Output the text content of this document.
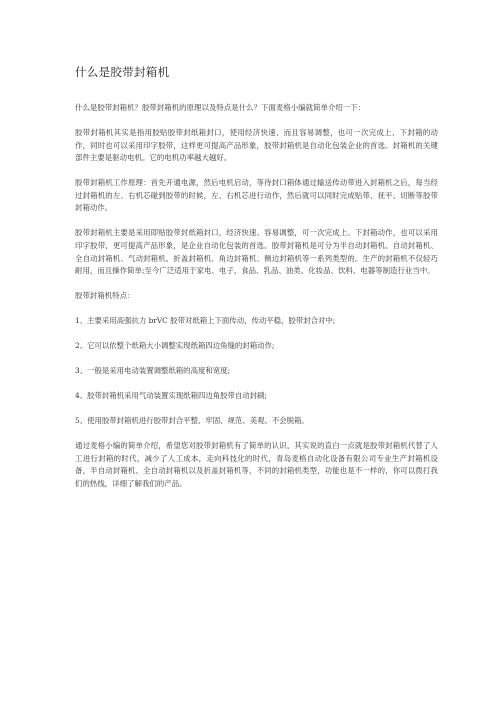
什么是胶带封箱机

什么是胶带封箱机？胶带封箱机的原理以及特点是什么？下面麦格小编就简单介绍一下：

胶带封箱机其实是指用胶贴胶带封纸箱封口，使用经济快速、而且容易调整，也可一次完成上、下封箱的动作，同时也可以采用印字胶带，这样更可提高产品形象，胶带封箱机是自动化包装企业的首选。封箱机的关键部件主要是驱动电机。它的电机功率越大越好。

胶带封箱机工作原理：首先开通电源，然后电机启动，等待封口箱体通过输送传动带进入封箱机之后，每当经过封箱机的左、右机芯碰到胶带的时候，左、右机芯进行动作，然后就可以同时完成贴带、抚平、切断等胶带封箱动作。

胶带封箱机主要是采用即贴胶带封纸箱封口，经济快速、容易调整，可一次完成上、下封箱动作，也可以采用印字胶带，更可提高产品形象，是企业自动化包装的首选。胶带封箱机是可分为半自动封箱机、自动封箱机、全自动封箱机、气动封箱机、折盖封箱机、角边封箱机、侧边封箱机等一系列类型的。生产的封箱机不仅轻巧耐用，而且操作简单;至今广泛适用于家电、电子、食品、乳品、油类、化妆品、饮料、电器等制造行业当中。

胶带封箱机特点：

1、主要采用高强抗力 brVC 胶带对纸箱上下面传动，传动平稳，胶带封合对中;
2、它可以依整个纸箱大小调整实现纸箱四边角缝的封箱动作;
3、一般是采用电动装置调整纸箱的高度和宽度;
4、胶带封箱机采用气动装置实现纸箱四边角胶带自动封刷;
5、使用胶带封箱机进行胶带封合平整、牢固、规范、美观、不会脱箱。

通过麦格小编的简单介绍，希望您对胶带封箱机有了简单的认识，其实说的直白一点就是胶带封箱机代替了人工进行封箱的时代，减少了人工成本，走向科技化的时代，青岛麦格自动化设备有限公司专业生产封箱机设备，半自动封箱机、全自动封箱机以及折盖封箱机等，不同的封箱机类型，功能也是不一样的，你可以拨打我们的热线，详细了解我们的产品。
